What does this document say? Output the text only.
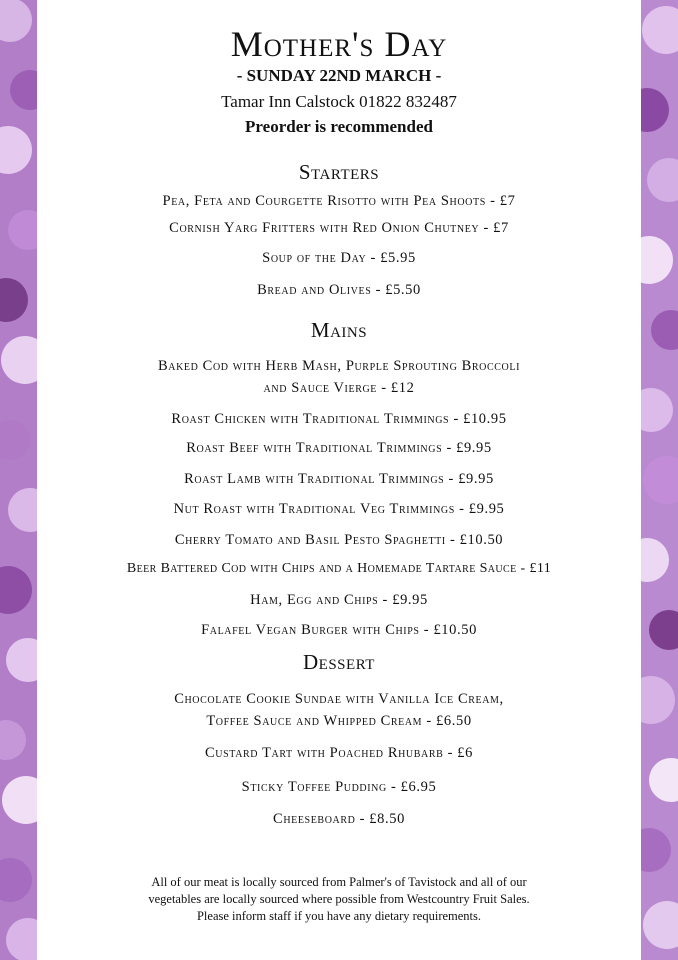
Mother's Day
- SUNDAY 22ND MARCH -
Tamar Inn Calstock 01822 832487
Preorder is recommended
Starters
Pea, Feta and Courgette Risotto with Pea Shoots - £7
Cornish Yarg Fritters with Red Onion Chutney - £7
Soup of the Day - £5.95
Bread and Olives - £5.50
Mains
Baked Cod with Herb Mash, Purple Sprouting Broccoli
and Sauce Vierge - £12
Roast Chicken with Traditional Trimmings - £10.95
Roast Beef with Traditional Trimmings - £9.95
Roast Lamb with Traditional Trimmings - £9.95
Nut Roast with Traditional Veg Trimmings - £9.95
Cherry Tomato and Basil Pesto Spaghetti - £10.50
Beer Battered Cod with Chips and a Homemade Tartare Sauce - £11
Ham, Egg and Chips - £9.95
Falafel Vegan Burger with Chips - £10.50
Dessert
Chocolate Cookie Sundae with Vanilla Ice Cream,
Toffee Sauce and Whipped Cream - £6.50
Custard Tart with Poached Rhubarb - £6
Sticky Toffee Pudding - £6.95
Cheeseboard - £8.50
All of our meat is locally sourced from Palmer's of Tavistock and all of our
vegetables are locally sourced where possible from Westcountry Fruit Sales.
Please inform staff if you have any dietary requirements.
